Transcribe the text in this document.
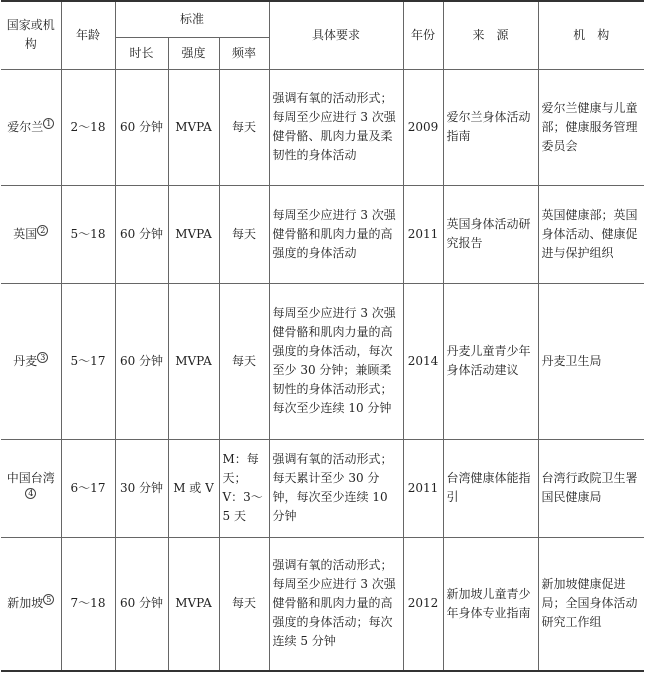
国家或机构	年龄	标准			具体要求	年份	来　源	机　构
		时长	强度	频率				
爱尔兰 $^1$	2～18	60 分钟	MVPA	每天	强调有氧的活动形式；每周至少应进行 3 次强健骨骼、肌肉力量及柔韧性的身体活动	2009	爱尔兰身体活动指南	爱尔兰健康与儿童部；健康服务管理委员会
英国 $^2$	5～18	60 分钟	MVPA	每天	每周至少应进行 3 次强健骨骼和肌肉力量的高强度的身体活动	2011	英国身体活动研究报告	英国健康部；英国身体活动、健康促进与保护组织
丹麦 $^3$	5～17	60 分钟	MVPA	每天	每周至少应进行 3 次强健骨骼和肌肉力量的高强度的身体活动，每次至少 30 分钟；兼顾柔韧性的身体活动形式；每次至少连续 10 分钟	2014	丹麦儿童青少年身体活动建议	丹麦卫生局
中国台湾$^4$	6～17	30 分钟	M 或 V	M：每天；V：3～5 天	强调有氧的活动形式；每天累计至少 30 分钟，每次至少连续 10 分钟	2011	台湾健康体能指引	台湾行政院卫生署国民健康局
新加坡 $^5$	7～18	60 分钟	MVPA	每天	强调有氧的活动形式；每周至少应进行 3 次强健骨骼和肌肉力量的高强度的身体活动；每次连续 5 分钟	2012	新加坡儿童青少年身体专业指南	新加坡健康促进局；全国身体活动研究工作组
